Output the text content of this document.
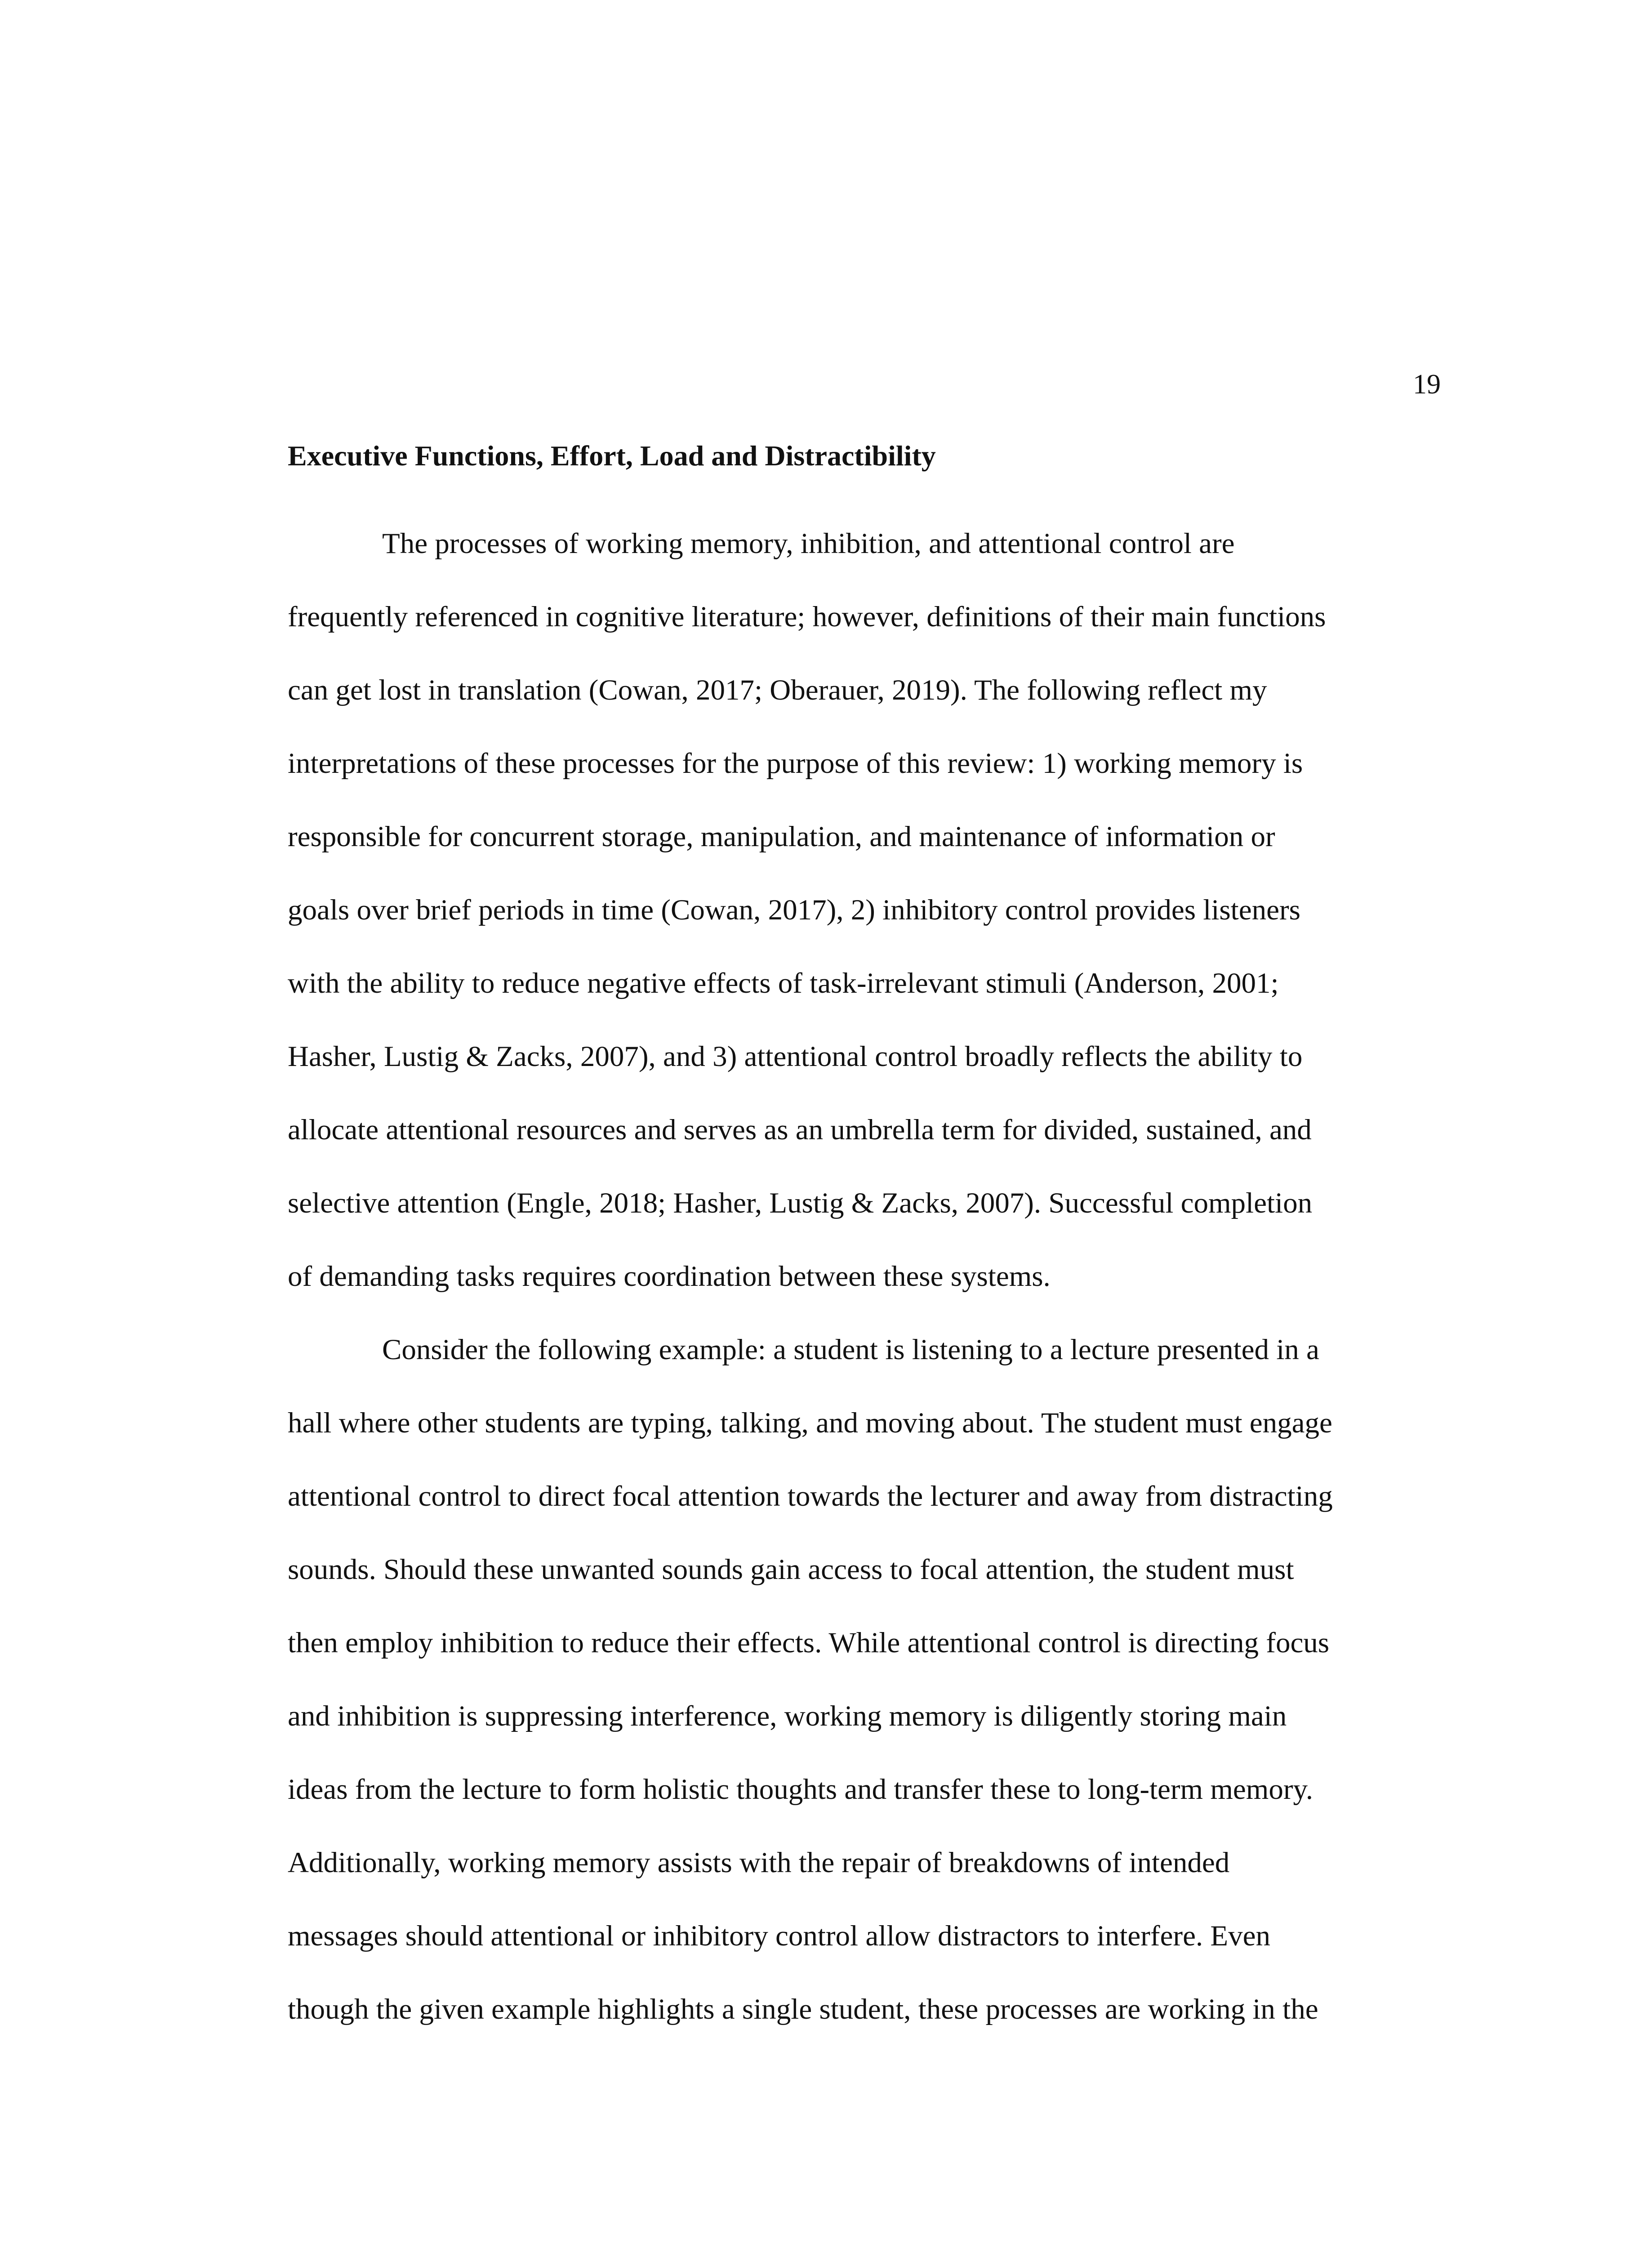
19
Executive Functions, Effort, Load and Distractibility
The processes of working memory, inhibition, and attentional control are
frequently referenced in cognitive literature; however, definitions of their main functions
can get lost in translation (Cowan, 2017; Oberauer, 2019). The following reflect my
interpretations of these processes for the purpose of this review: 1) working memory is
responsible for concurrent storage, manipulation, and maintenance of information or
goals over brief periods in time (Cowan, 2017), 2) inhibitory control provides listeners
with the ability to reduce negative effects of task-irrelevant stimuli (Anderson, 2001;
Hasher, Lustig & Zacks, 2007), and 3) attentional control broadly reflects the ability to
allocate attentional resources and serves as an umbrella term for divided, sustained, and
selective attention (Engle, 2018; Hasher, Lustig & Zacks, 2007). Successful completion
of demanding tasks requires coordination between these systems.
Consider the following example: a student is listening to a lecture presented in a
hall where other students are typing, talking, and moving about. The student must engage
attentional control to direct focal attention towards the lecturer and away from distracting
sounds. Should these unwanted sounds gain access to focal attention, the student must
then employ inhibition to reduce their effects. While attentional control is directing focus
and inhibition is suppressing interference, working memory is diligently storing main
ideas from the lecture to form holistic thoughts and transfer these to long-term memory.
Additionally, working memory assists with the repair of breakdowns of intended
messages should attentional or inhibitory control allow distractors to interfere. Even
though the given example highlights a single student, these processes are working in the
